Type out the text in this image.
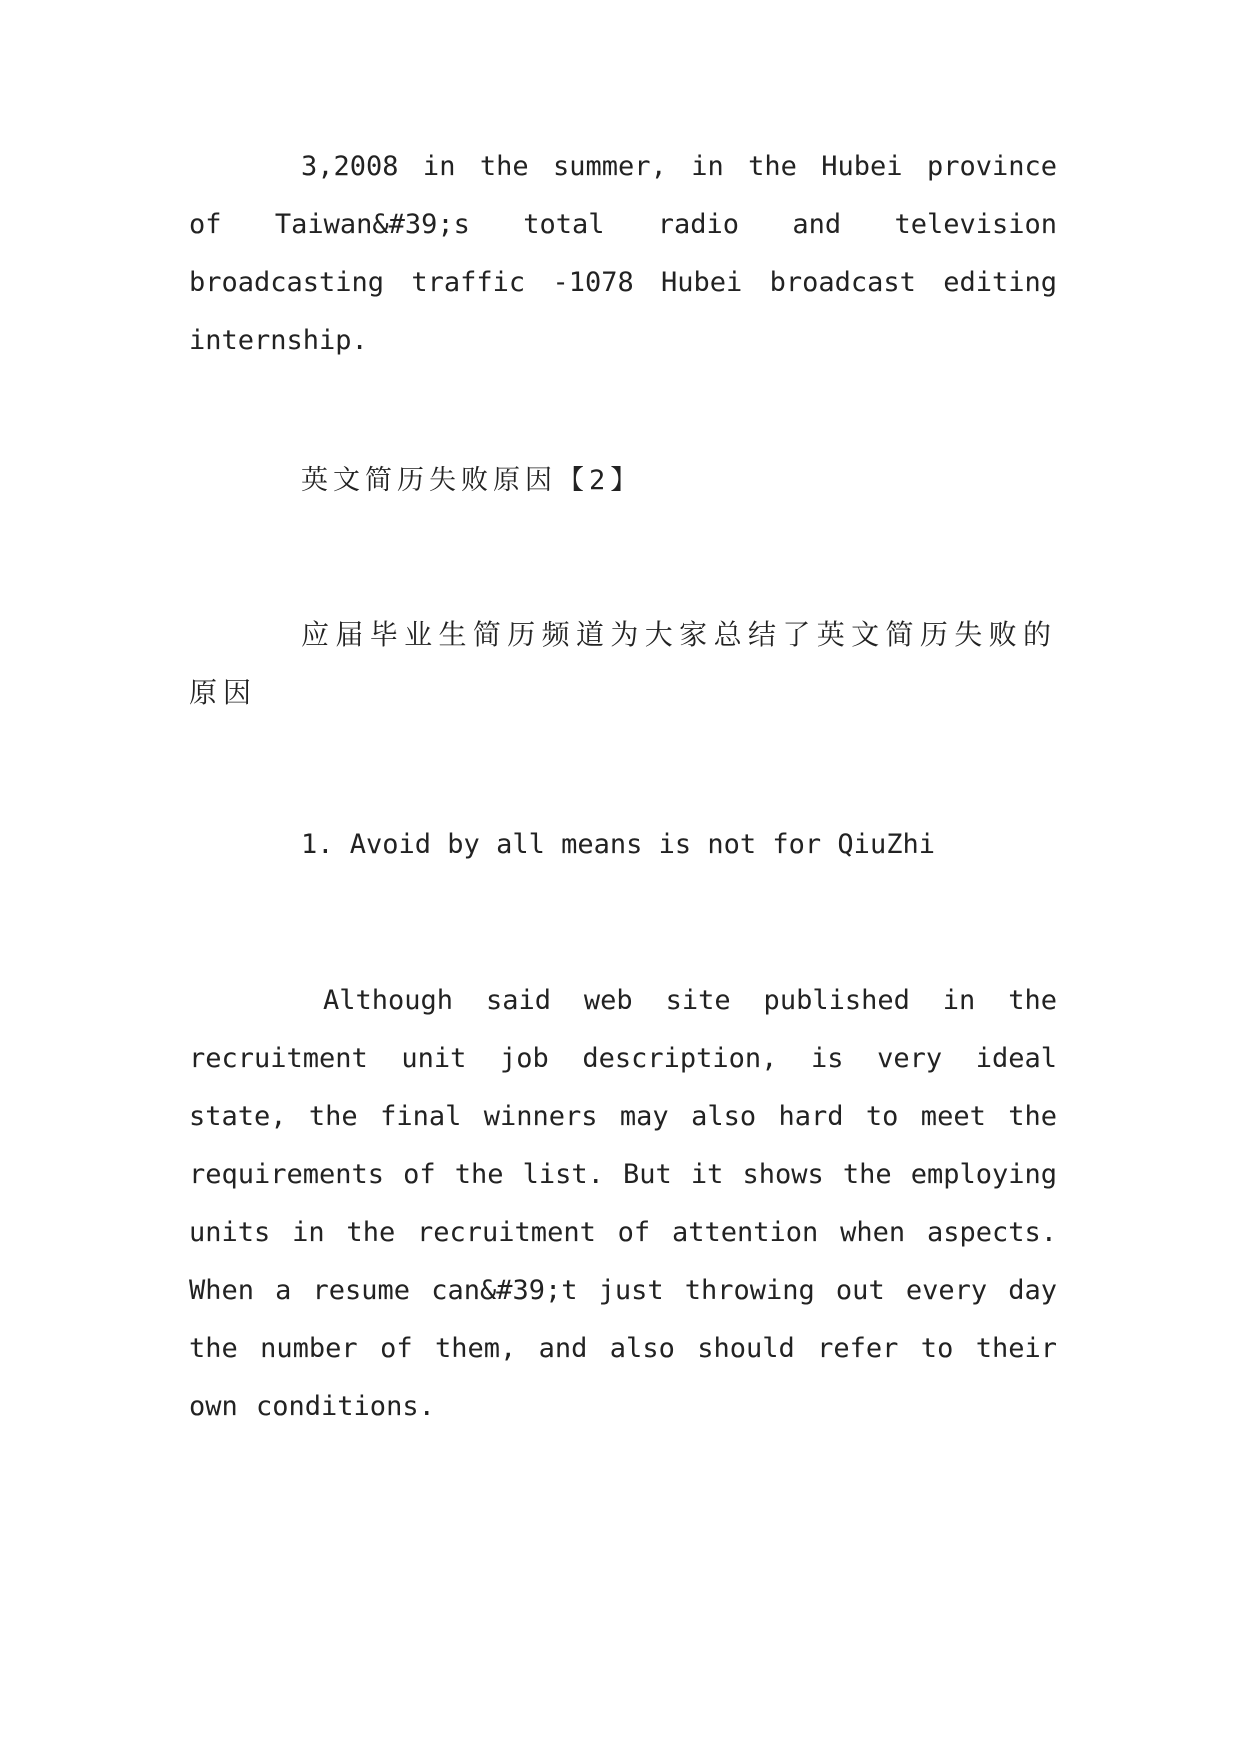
3,2008 in the summer, in the Hubei province of Taiwan&#39;s total radio and television broadcasting traffic -1078 Hubei broadcast editing internship.

英文简历失败原因【2】

应届毕业生简历频道为大家总结了英文简历失败的原因

1. Avoid by all means is not for QiuZhi

Although said web site published in the recruitment unit job description, is very ideal state, the final winners may also hard to meet the requirements of the list. But it shows the employing units in the recruitment of attention when aspects. When a resume can&#39;t just throwing out every day the number of them, and also should refer to their own conditions.
